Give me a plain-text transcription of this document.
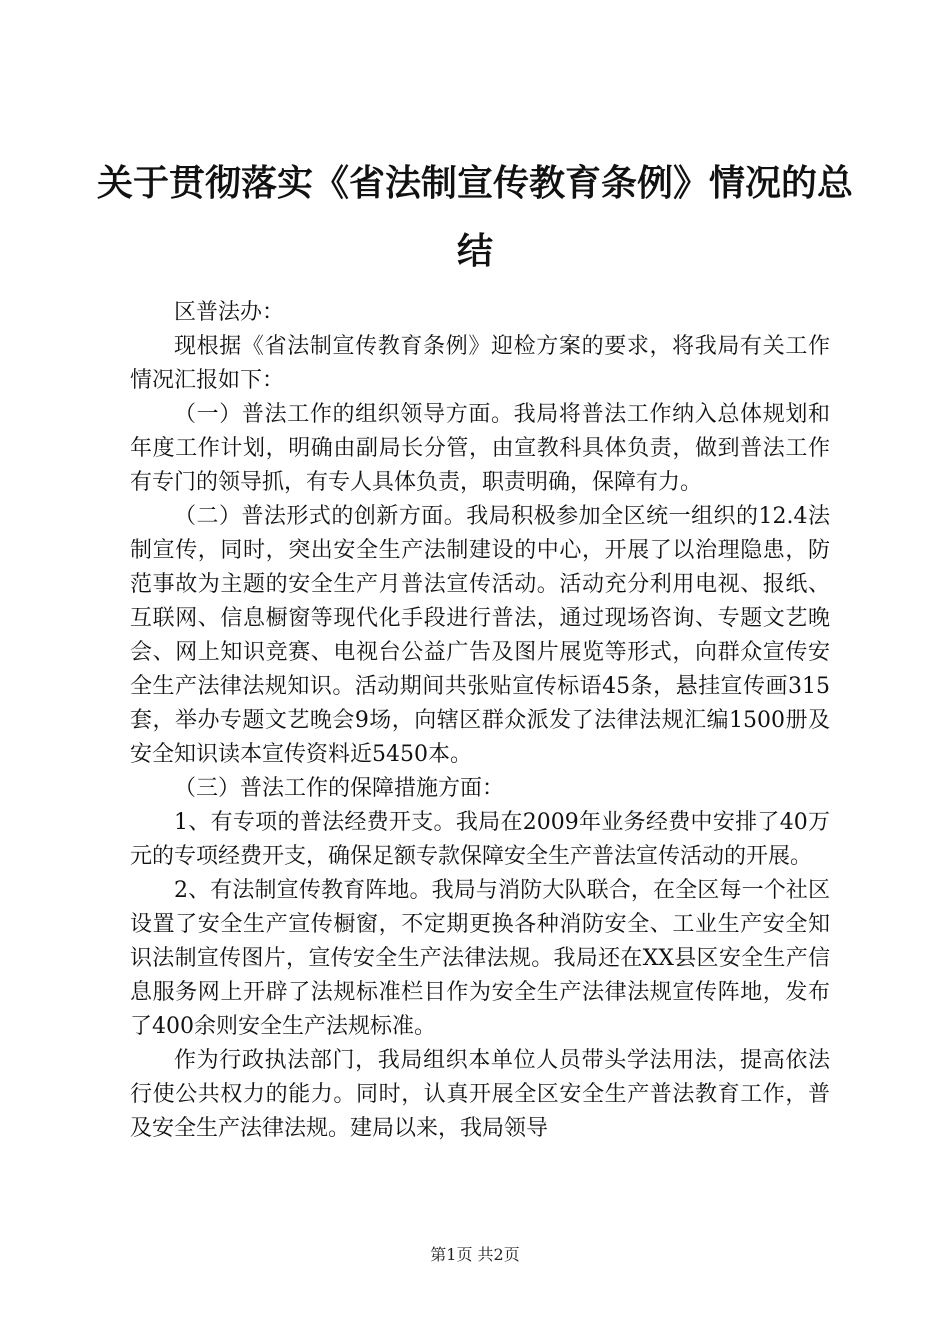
关于贯彻落实《省法制宣传教育条例》情况的总结

区普法办：

现根据《省法制宣传教育条例》迎检方案的要求，将我局有关工作情况汇报如下：

（一）普法工作的组织领导方面。我局将普法工作纳入总体规划和年度工作计划，明确由副局长分管，由宣教科具体负责，做到普法工作有专门的领导抓，有专人具体负责，职责明确，保障有力。

（二）普法形式的创新方面。我局积极参加全区统一组织的12.4法制宣传，同时，突出安全生产法制建设的中心，开展了以治理隐患，防范事故为主题的安全生产月普法宣传活动。活动充分利用电视、报纸、互联网、信息橱窗等现代化手段进行普法，通过现场咨询、专题文艺晚会、网上知识竞赛、电视台公益广告及图片展览等形式，向群众宣传安全生产法律法规知识。活动期间共张贴宣传标语45条，悬挂宣传画315套，举办专题文艺晚会9场，向辖区群众派发了法律法规汇编1500册及安全知识读本宣传资料近5450本。

（三）普法工作的保障措施方面：

1、有专项的普法经费开支。我局在2009年业务经费中安排了40万元的专项经费开支，确保足额专款保障安全生产普法宣传活动的开展。

2、有法制宣传教育阵地。我局与消防大队联合，在全区每一个社区设置了安全生产宣传橱窗，不定期更换各种消防安全、工业生产安全知识法制宣传图片，宣传安全生产法律法规。我局还在XX县区安全生产信息服务网上开辟了法规标准栏目作为安全生产法律法规宣传阵地，发布了400余则安全生产法规标准。

作为行政执法部门，我局组织本单位人员带头学法用法，提高依法行使公共权力的能力。同时，认真开展全区安全生产普法教育工作，普及安全生产法律法规。建局以来，我局领导

第1页 共2页
